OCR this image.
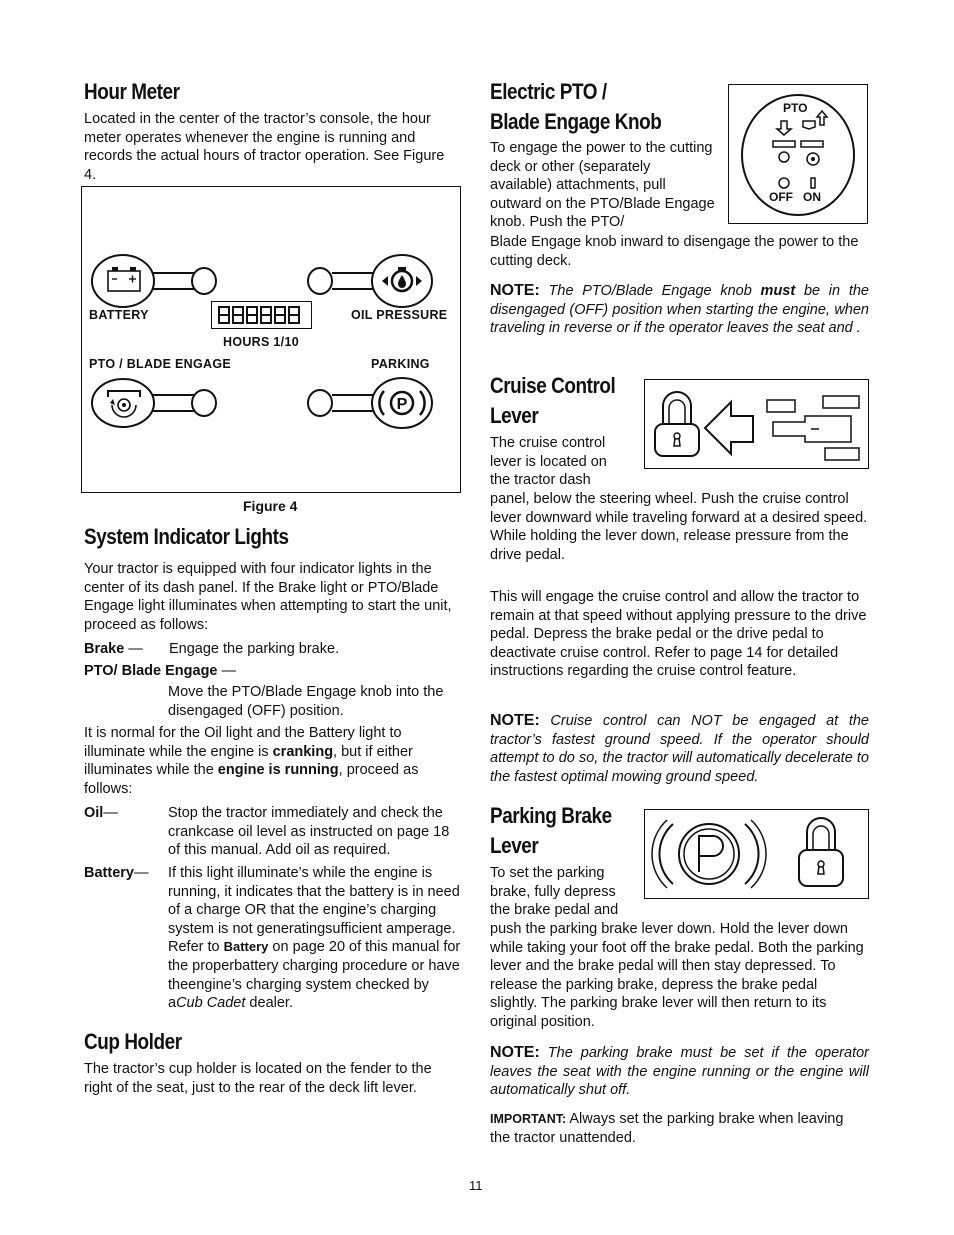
Hour Meter

Located in the center of the tractor’s console, the hour meter operates whenever the engine is running and records the actual hours of tractor operation. See Figure 4.

BATTERY	OIL PRESSURE
HOURS 1/10
PTO / BLADE ENGAGE	PARKING
P
Figure 4
System Indicator Lights

Your tractor is equipped with four indicator lights in the center of its dash panel. If the Brake light or PTO/Blade Engage light illuminates when attempting to start the unit, proceed as follows:

Brake — Engage the parking brake.
PTO/ Blade Engage —

Move the PTO/Blade Engage knob into the disengaged (OFF) position.

It is normal for the Oil light and the Battery light to illuminate while the engine is cranking, but if either illuminates while the engine is running, proceed as follows:

Oil—	Stop the tractor immediately and check the crankcase oil level as instructed on page 18 of this manual. Add oil as required.

Battery— If this light illuminate’s while the engine is running, it indicates that the battery is in need of a charge OR that the engine’s charging system is not generatingsufficient amperage. Refer to Battery on page 20 of this manual for the properbattery charging procedure or have theengine’s charging system checked by aCub Cadet dealer.

Cup Holder

The tractor’s cup holder is located on the fender to the right of the seat, just to the rear of the deck lift lever.

Electric PTO /
Blade Engage Knob

To engage the power to the cutting deck or other (separately available) attachments, pull outward on the PTO/Blade Engage knob. Push the PTO/

Blade Engage knob inward to disengage the power to the cutting deck.

PTO
OFF ON

NOTE: The PTO/Blade Engage knob must be in the disengaged (OFF) position when starting the engine, when traveling in reverse or if the operator leaves the seat and .

Cruise Control
Lever

The cruise control lever is located on the tractor dash

panel, below the steering wheel. Push the cruise control lever downward while traveling forward at a desired speed. While holding the lever down, release pressure from the drive pedal.

This will engage the cruise control and allow the tractor to remain at that speed without applying pressure to the drive pedal. Depress the brake pedal or the drive pedal to deactivate cruise control. Refer to page 14 for detailed instructions regarding the cruise control feature.

NOTE: Cruise control can NOT be engaged at the tractor’s fastest ground speed. If the operator should attempt to do so, the tractor will automatically decelerate to the fastest optimal mowing ground speed.

Parking Brake
Lever

To set the parking brake, fully depress the brake pedal and

push the parking brake lever down. Hold the lever down while taking your foot off the brake pedal. Both the parking lever and the brake pedal will then stay depressed. To release the parking brake, depress the brake pedal slightly. The parking brake lever will then return to its original position.

NOTE: The parking brake must be set if the operator leaves the seat with the engine running or the engine will automatically shut off.

IMPORTANT: Always set the parking brake when leaving the tractor unattended.

11
